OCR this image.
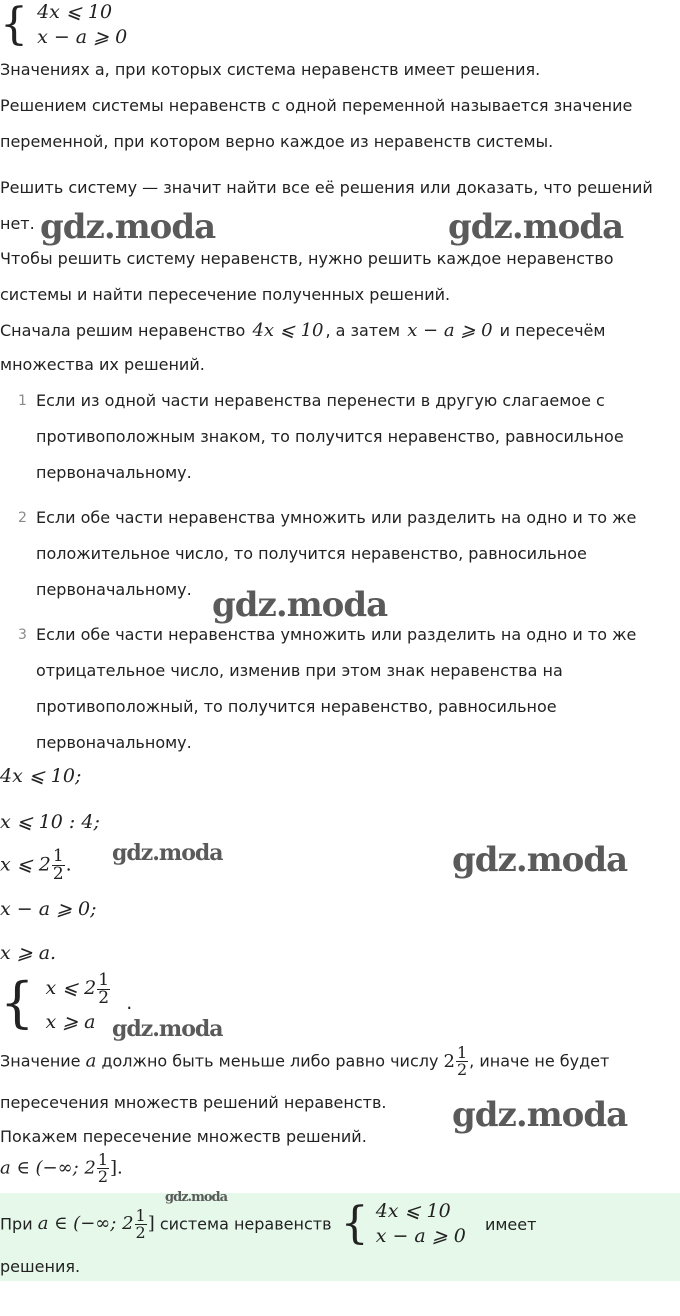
{ 4x ⩽ 10
x − a ⩾ 0
Значениях a, при которых система неравенств имеет решения.
Решением системы неравенств с одной переменной называется значение
переменной, при котором верно каждое из неравенств системы.
Решить систему — значит найти все её решения или доказать, что решений
нет.
Чтобы решить систему неравенств, нужно решить каждое неравенство
системы и найти пересечение полученных решений.
Сначала решим неравенство 4x ⩽ 10 , а затем x − a ⩾ 0 и пересечём
множества их решений.
1 Если из одной части неравенства перенести в другую слагаемое с
противоположным знаком, то получится неравенство, равносильное
первоначальному.
2 Если обе части неравенства умножить или разделить на одно и то же
положительное число, то получится неравенство, равносильное
первоначальному.
3 Если обе части неравенства умножить или разделить на одно и то же
отрицательное число, изменив при этом знак неравенства на
противоположный, то получится неравенство, равносильное
первоначальному.
4x ⩽ 10;
x ⩽ 10 : 4;
x ⩽ $2 \frac{1}{2}$ .
x − a ⩾ 0;
x ⩾ a.
{ x ⩽ $2 \frac{1}{2}$
x ⩾ a
.
Значение a должно быть меньше либо равно числу $2 \frac{1}{2}$ , иначе не будет
пересечения множеств решений неравенств.
Покажем пересечение множеств решений.
a ∈ (−∞; $2 \frac{1}{2}$ ].
При a ∈ (−∞; $2 \frac{1}{2}$ ] система неравенств { 4x ⩽ 10
x − a ⩾ 0
имеет
решения.
gdz.moda	gdz.moda
gdz.moda
gdz.moda	gdz.moda
gdz.moda
gdz.moda
gdz.moda
